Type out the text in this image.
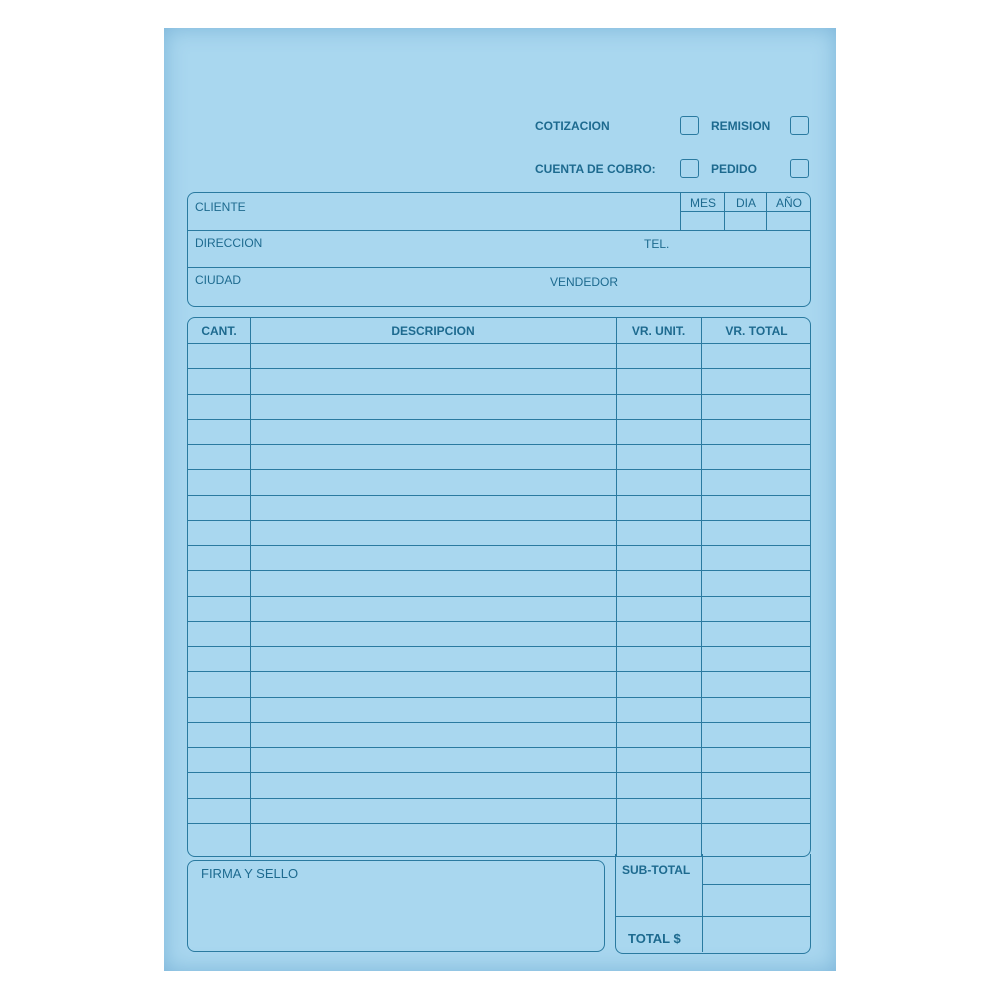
COTIZACION	REMISION
CUENTA DE COBRO:	PEDIDO
CLIENTE	MES	DIA	AÑO
DIRECCION	TEL.
CIUDAD	VENDEDOR
CANT.	DESCRIPCION	VR. UNIT.	VR. TOTAL
FIRMA Y SELLO	SUB-TOTAL
TOTAL $
